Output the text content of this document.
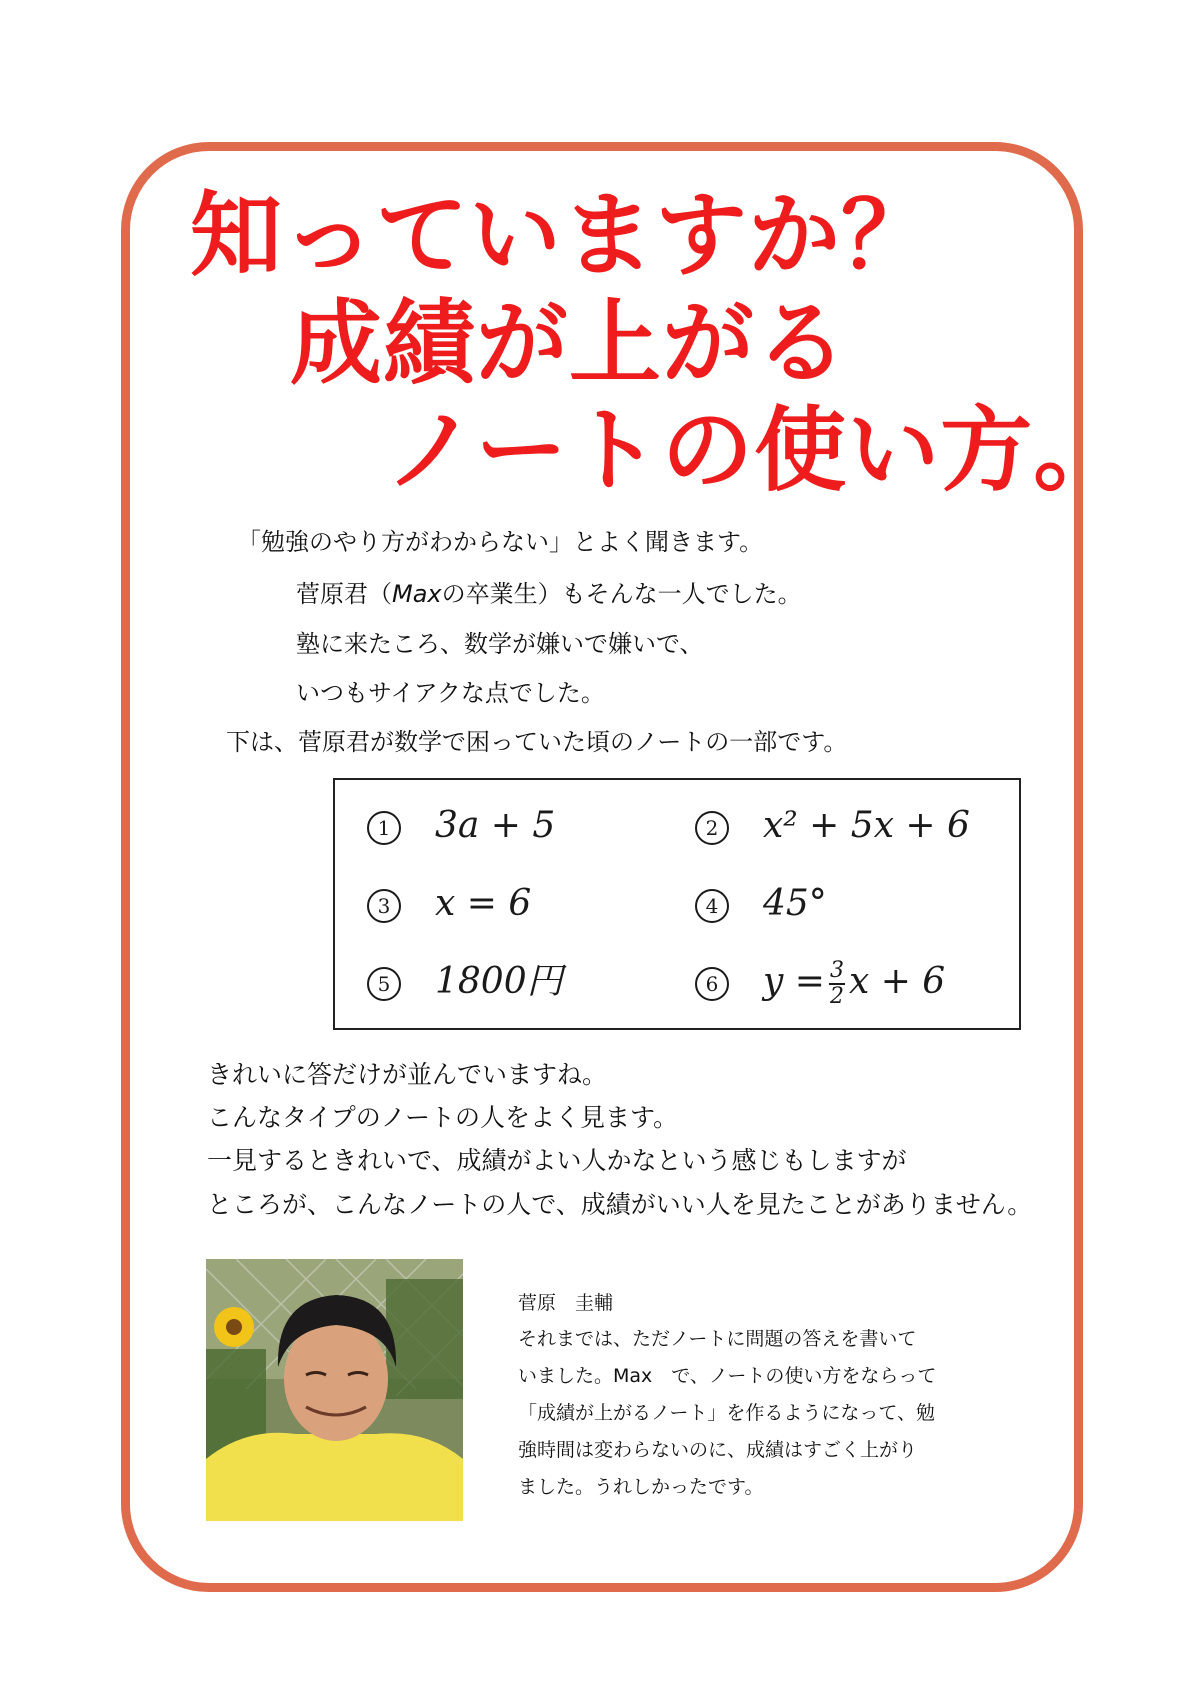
知っていますか？
成績が上がる
ノートの使い方。
「勉強のやり方がわからない」とよく聞きます。
菅原君（Maxの卒業生）もそんな一人でした。
塾に来たころ、数学が嫌いで嫌いで、
いつもサイアクな点でした。
下は、菅原君が数学で困っていた頃のノートの一部です。
1 3a + 5	2 x² + 5x + 6
3 x = 6	4 45°
5 1800円	6 $y = \frac{3}{2}$ x + 6
きれいに答だけが並んでいますね。
こんなタイプのノートの人をよく見ます。
一見するときれいで、成績がよい人かなという感じもしますが
ところが、こんなノートの人で、成績がいい人を見たことがありません。
菅原　圭輔
それまでは、ただノートに問題の答えを書いて
いました。Max　で、ノートの使い方をならって
「成績が上がるノート」を作るようになって、勉
強時間は変わらないのに、成績はすごく上がり
ました。うれしかったです。
